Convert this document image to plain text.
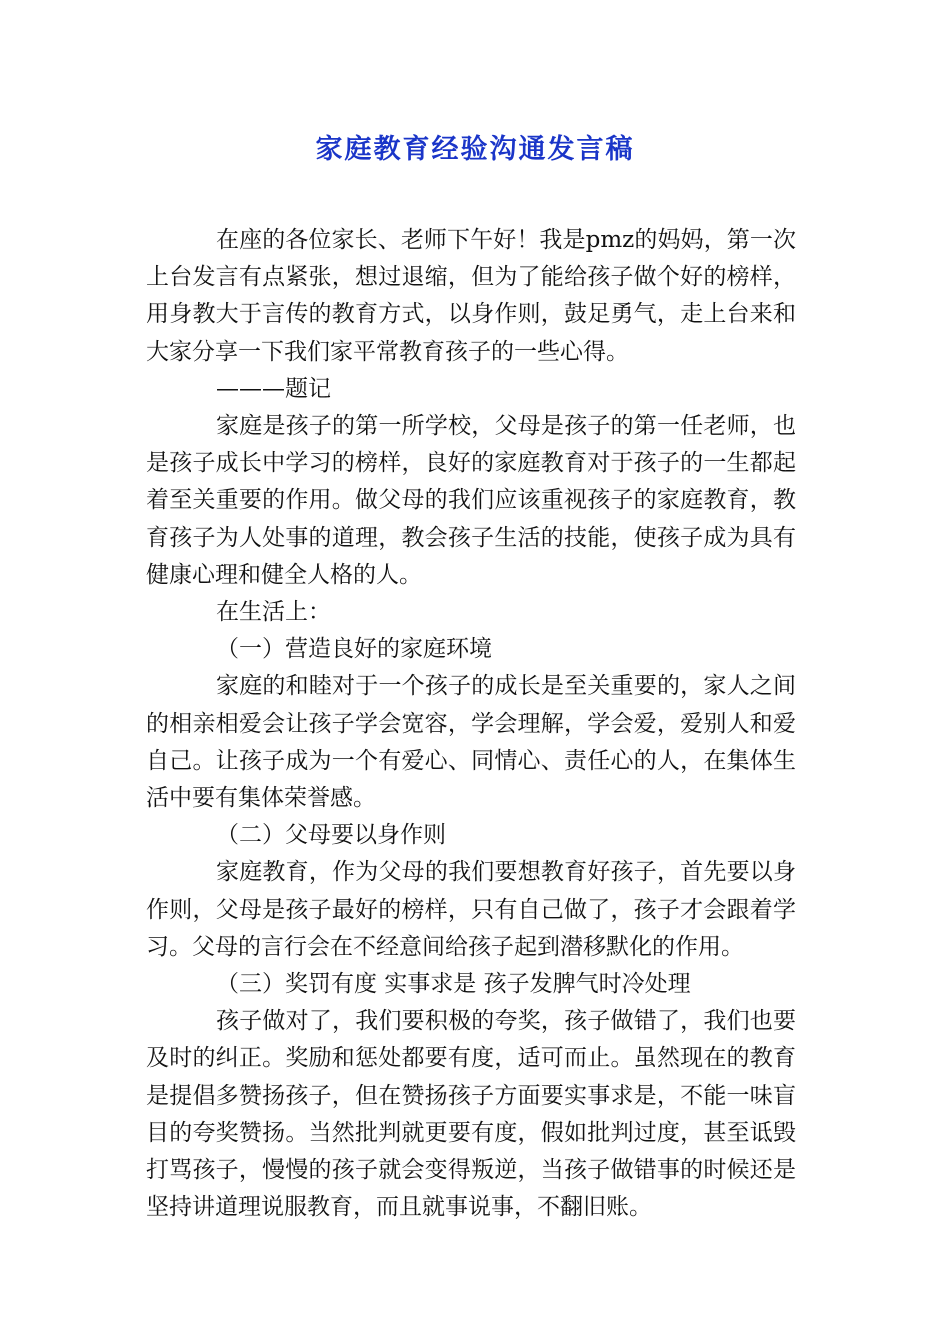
家庭教育经验沟通发言稿

在座的各位家长、老师下午好！我是pmz的妈妈，第一次上台发言有点紧张，想过退缩，但为了能给孩子做个好的榜样，用身教大于言传的教育方式，以身作则，鼓足勇气，走上台来和大家分享一下我们家平常教育孩子的一些心得。

———题记

家庭是孩子的第一所学校，父母是孩子的第一任老师，也是孩子成长中学习的榜样，良好的家庭教育对于孩子的一生都起着至关重要的作用。做父母的我们应该重视孩子的家庭教育，教育孩子为人处事的道理，教会孩子生活的技能，使孩子成为具有健康心理和健全人格的人。

在生活上：

（一）营造良好的家庭环境

家庭的和睦对于一个孩子的成长是至关重要的，家人之间的相亲相爱会让孩子学会宽容，学会理解，学会爱，爱别人和爱自己。让孩子成为一个有爱心、同情心、责任心的人，在集体生活中要有集体荣誉感。

（二）父母要以身作则

家庭教育，作为父母的我们要想教育好孩子，首先要以身作则，父母是孩子最好的榜样，只有自己做了，孩子才会跟着学习。父母的言行会在不经意间给孩子起到潜移默化的作用。

（三）奖罚有度 实事求是 孩子发脾气时冷处理

孩子做对了，我们要积极的夸奖，孩子做错了，我们也要及时的纠正。奖励和惩处都要有度，适可而止。虽然现在的教育是提倡多赞扬孩子，但在赞扬孩子方面要实事求是，不能一味盲目的夸奖赞扬。当然批判就更要有度，假如批判过度，甚至诋毁打骂孩子，慢慢的孩子就会变得叛逆，当孩子做错事的时候还是坚持讲道理说服教育，而且就事说事，不翻旧账。
